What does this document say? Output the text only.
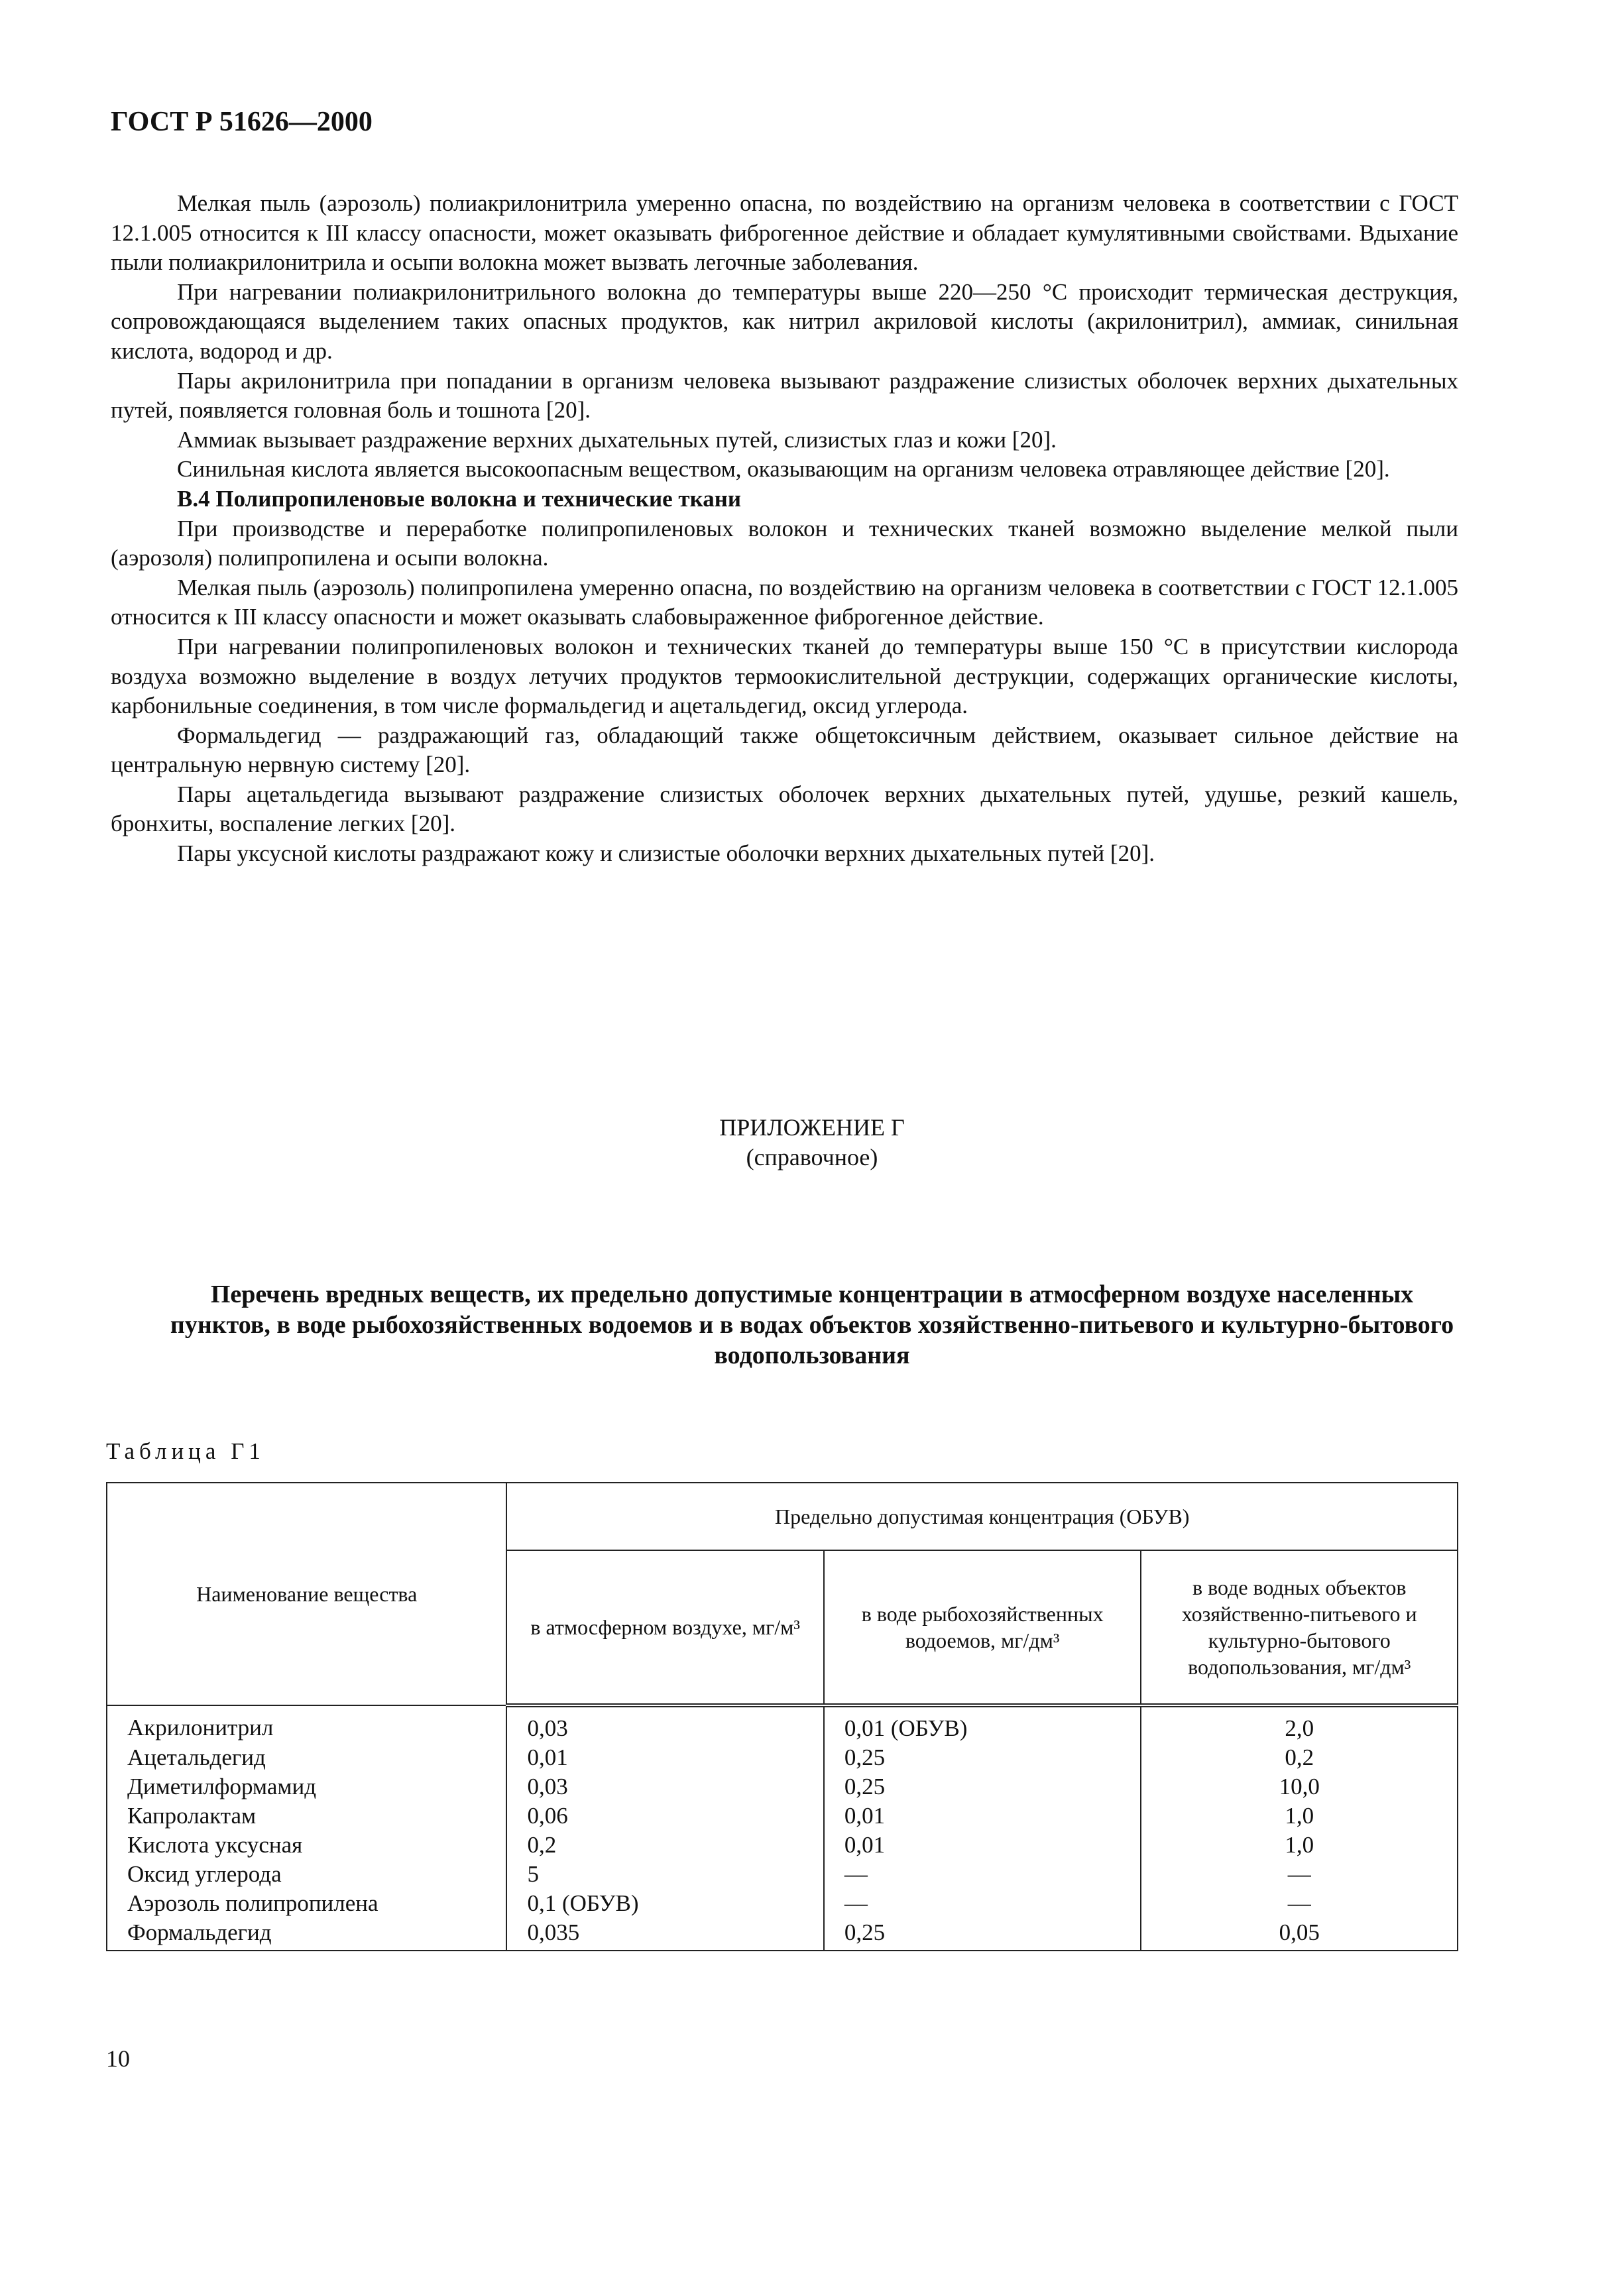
ГОСТ Р 51626—2000

Мелкая пыль (аэрозоль) полиакрилонитрила умеренно опасна, по воздействию на организм человека в соответствии с ГОСТ 12.1.005 относится к III классу опасности, может оказывать фиброгенное действие и обладает кумулятивными свойствами. Вдыхание пыли полиакрилонитрила и осыпи волокна может вызвать легочные заболевания.

При нагревании полиакрилонитрильного волокна до температуры выше 220—250 °С происходит термическая деструкция, сопровождающаяся выделением таких опасных продуктов, как нитрил акриловой кислоты (акрилонитрил), аммиак, синильная кислота, водород и др.

Пары акрилонитрила при попадании в организм человека вызывают раздражение слизистых оболочек верхних дыхательных путей, появляется головная боль и тошнота [20].

Аммиак вызывает раздражение верхних дыхательных путей, слизистых глаз и кожи [20].

Синильная кислота является высокоопасным веществом, оказывающим на организм человека отравляющее действие [20].

В.4 Полипропиленовые волокна и технические ткани

При производстве и переработке полипропиленовых волокон и технических тканей возможно выделение мелкой пыли (аэрозоля) полипропилена и осыпи волокна.

Мелкая пыль (аэрозоль) полипропилена умеренно опасна, по воздействию на организм человека в соответствии с ГОСТ 12.1.005 относится к III классу опасности и может оказывать слабовыраженное фиброгенное действие.

При нагревании полипропиленовых волокон и технических тканей до температуры выше 150 °С в присутствии кислорода воздуха возможно выделение в воздух летучих продуктов термоокислительной деструкции, содержащих органические кислоты, карбонильные соединения, в том числе формальдегид и ацетальдегид, оксид углерода.

Формальдегид — раздражающий газ, обладающий также общетоксичным действием, оказывает сильное действие на центральную нервную систему [20].

Пары ацетальдегида вызывают раздражение слизистых оболочек верхних дыхательных путей, удушье, резкий кашель, бронхиты, воспаление легких [20].

Пары уксусной кислоты раздражают кожу и слизистые оболочки верхних дыхательных путей [20].

ПРИЛОЖЕНИЕ Г
(справочное)
Перечень вредных веществ, их предельно допустимые концентрации в атмосферном воздухе населенных пунктов, в воде рыбохозяйственных водоемов и в водах объектов хозяйственно-питьевого и культурно-бытового водопользования
Таблица Г1
Наименование вещества	Предельно допустимая концентрация (ОБУВ)		
	в атмосферном воздухе, мг/м³	в воде рыбохозяйственных водоемов, мг/дм³	в воде водных объектов хозяйственно-питьевого и культурно-бытового водопользования, мг/дм³
Акрилонитрил	0,03	0,01 (ОБУВ)	2,0
Ацетальдегид	0,01	0,25	0,2
Диметилформамид	0,03	0,25	10,0
Капролактам	0,06	0,01	1,0
Кислота уксусная	0,2	0,01	1,0
Оксид углерода	5	—	—
Аэрозоль полипропилена	0,1 (ОБУВ)	—	—
Формальдегид	0,035	0,25	0,05
10
